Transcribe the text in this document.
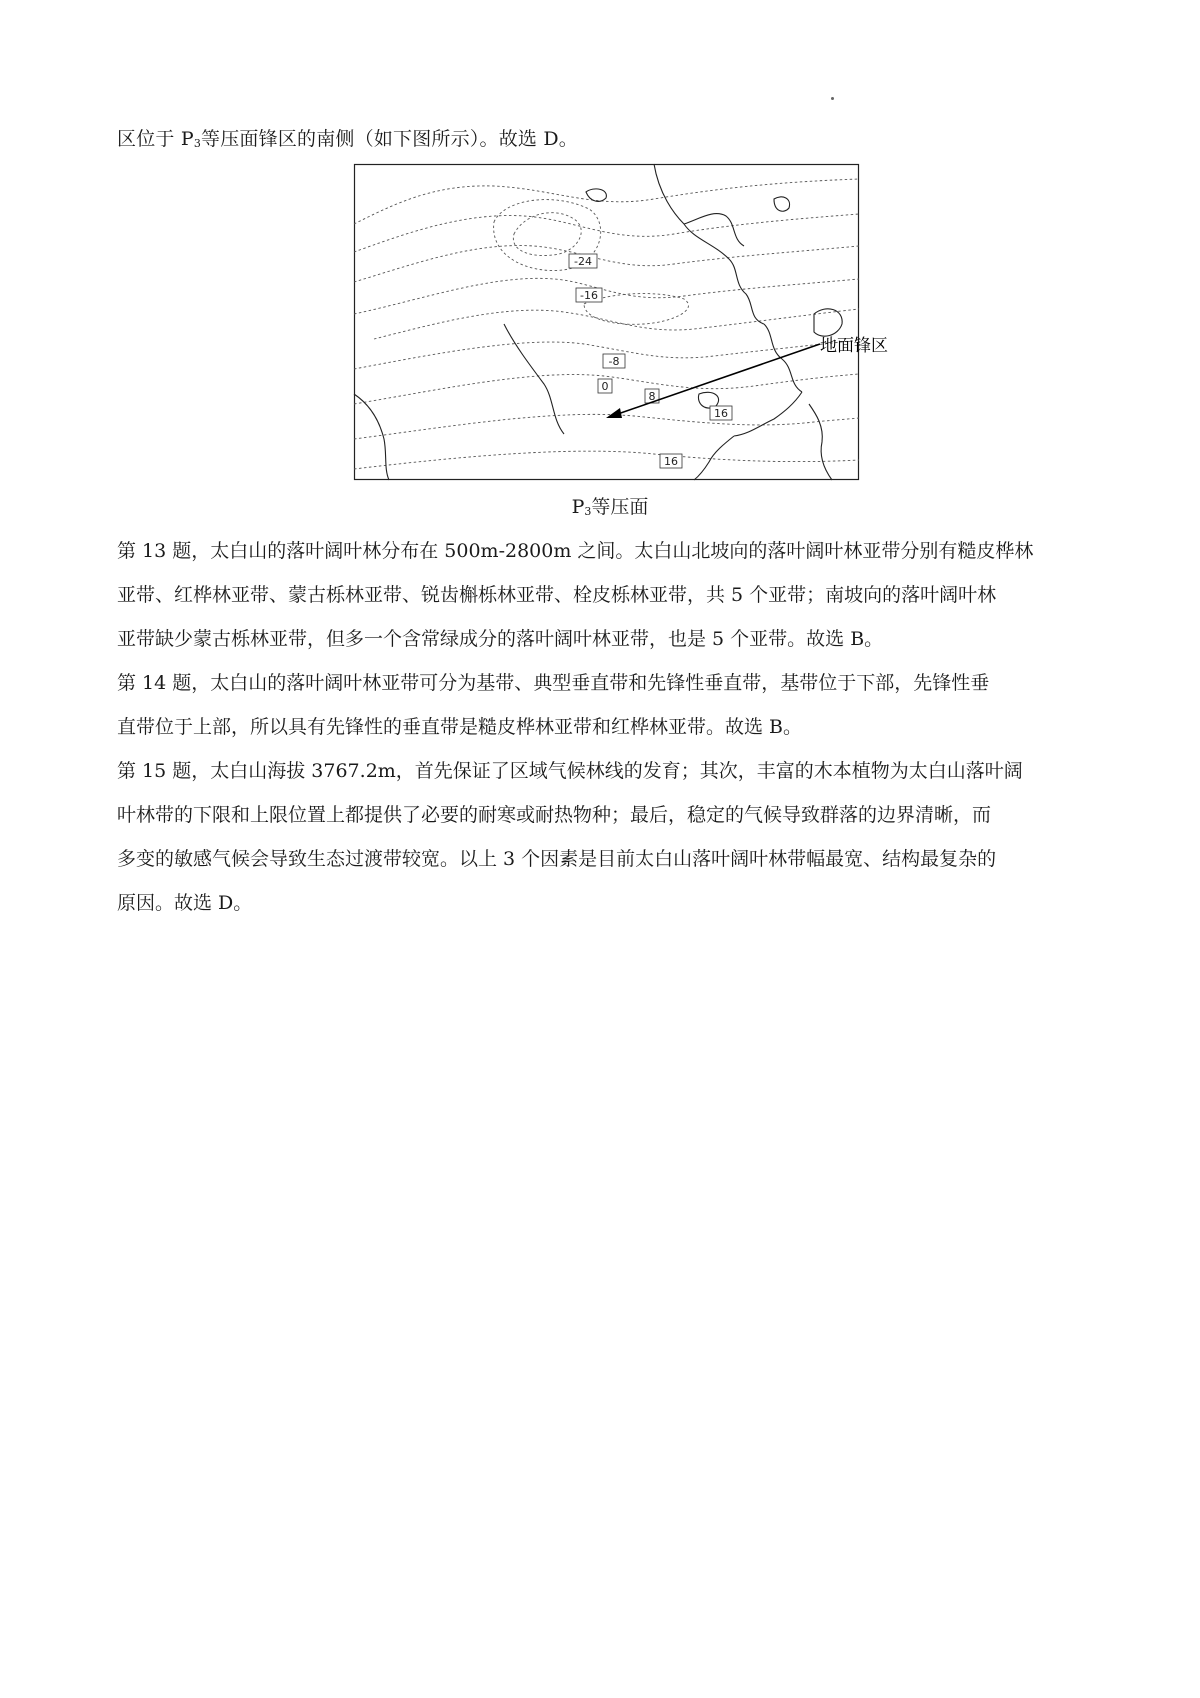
区位于 $P_3$等压面锋区的南侧（如下图所示）。故选 D。
-24
-16
-8
0
8
16
16
地面锋区
$P_3$等压面
第 13 题，太白山的落叶阔叶林分布在 500m-2800m 之间。太白山北坡向的落叶阔叶林亚带分别有糙皮桦林
亚带、红桦林亚带、蒙古栎林亚带、锐齿槲栎林亚带、栓皮栎林亚带，共 5 个亚带；南坡向的落叶阔叶林
亚带缺少蒙古栎林亚带，但多一个含常绿成分的落叶阔叶林亚带，也是 5 个亚带。故选 B。
第 14 题，太白山的落叶阔叶林亚带可分为基带、典型垂直带和先锋性垂直带，基带位于下部，先锋性垂
直带位于上部，所以具有先锋性的垂直带是糙皮桦林亚带和红桦林亚带。故选 B。
第 15 题，太白山海拔 3767.2m，首先保证了区域气候林线的发育；其次，丰富的木本植物为太白山落叶阔
叶林带的下限和上限位置上都提供了必要的耐寒或耐热物种；最后，稳定的气候导致群落的边界清晰，而
多变的敏感气候会导致生态过渡带较宽。以上 3 个因素是目前太白山落叶阔叶林带幅最宽、结构最复杂的
原因。故选 D。
